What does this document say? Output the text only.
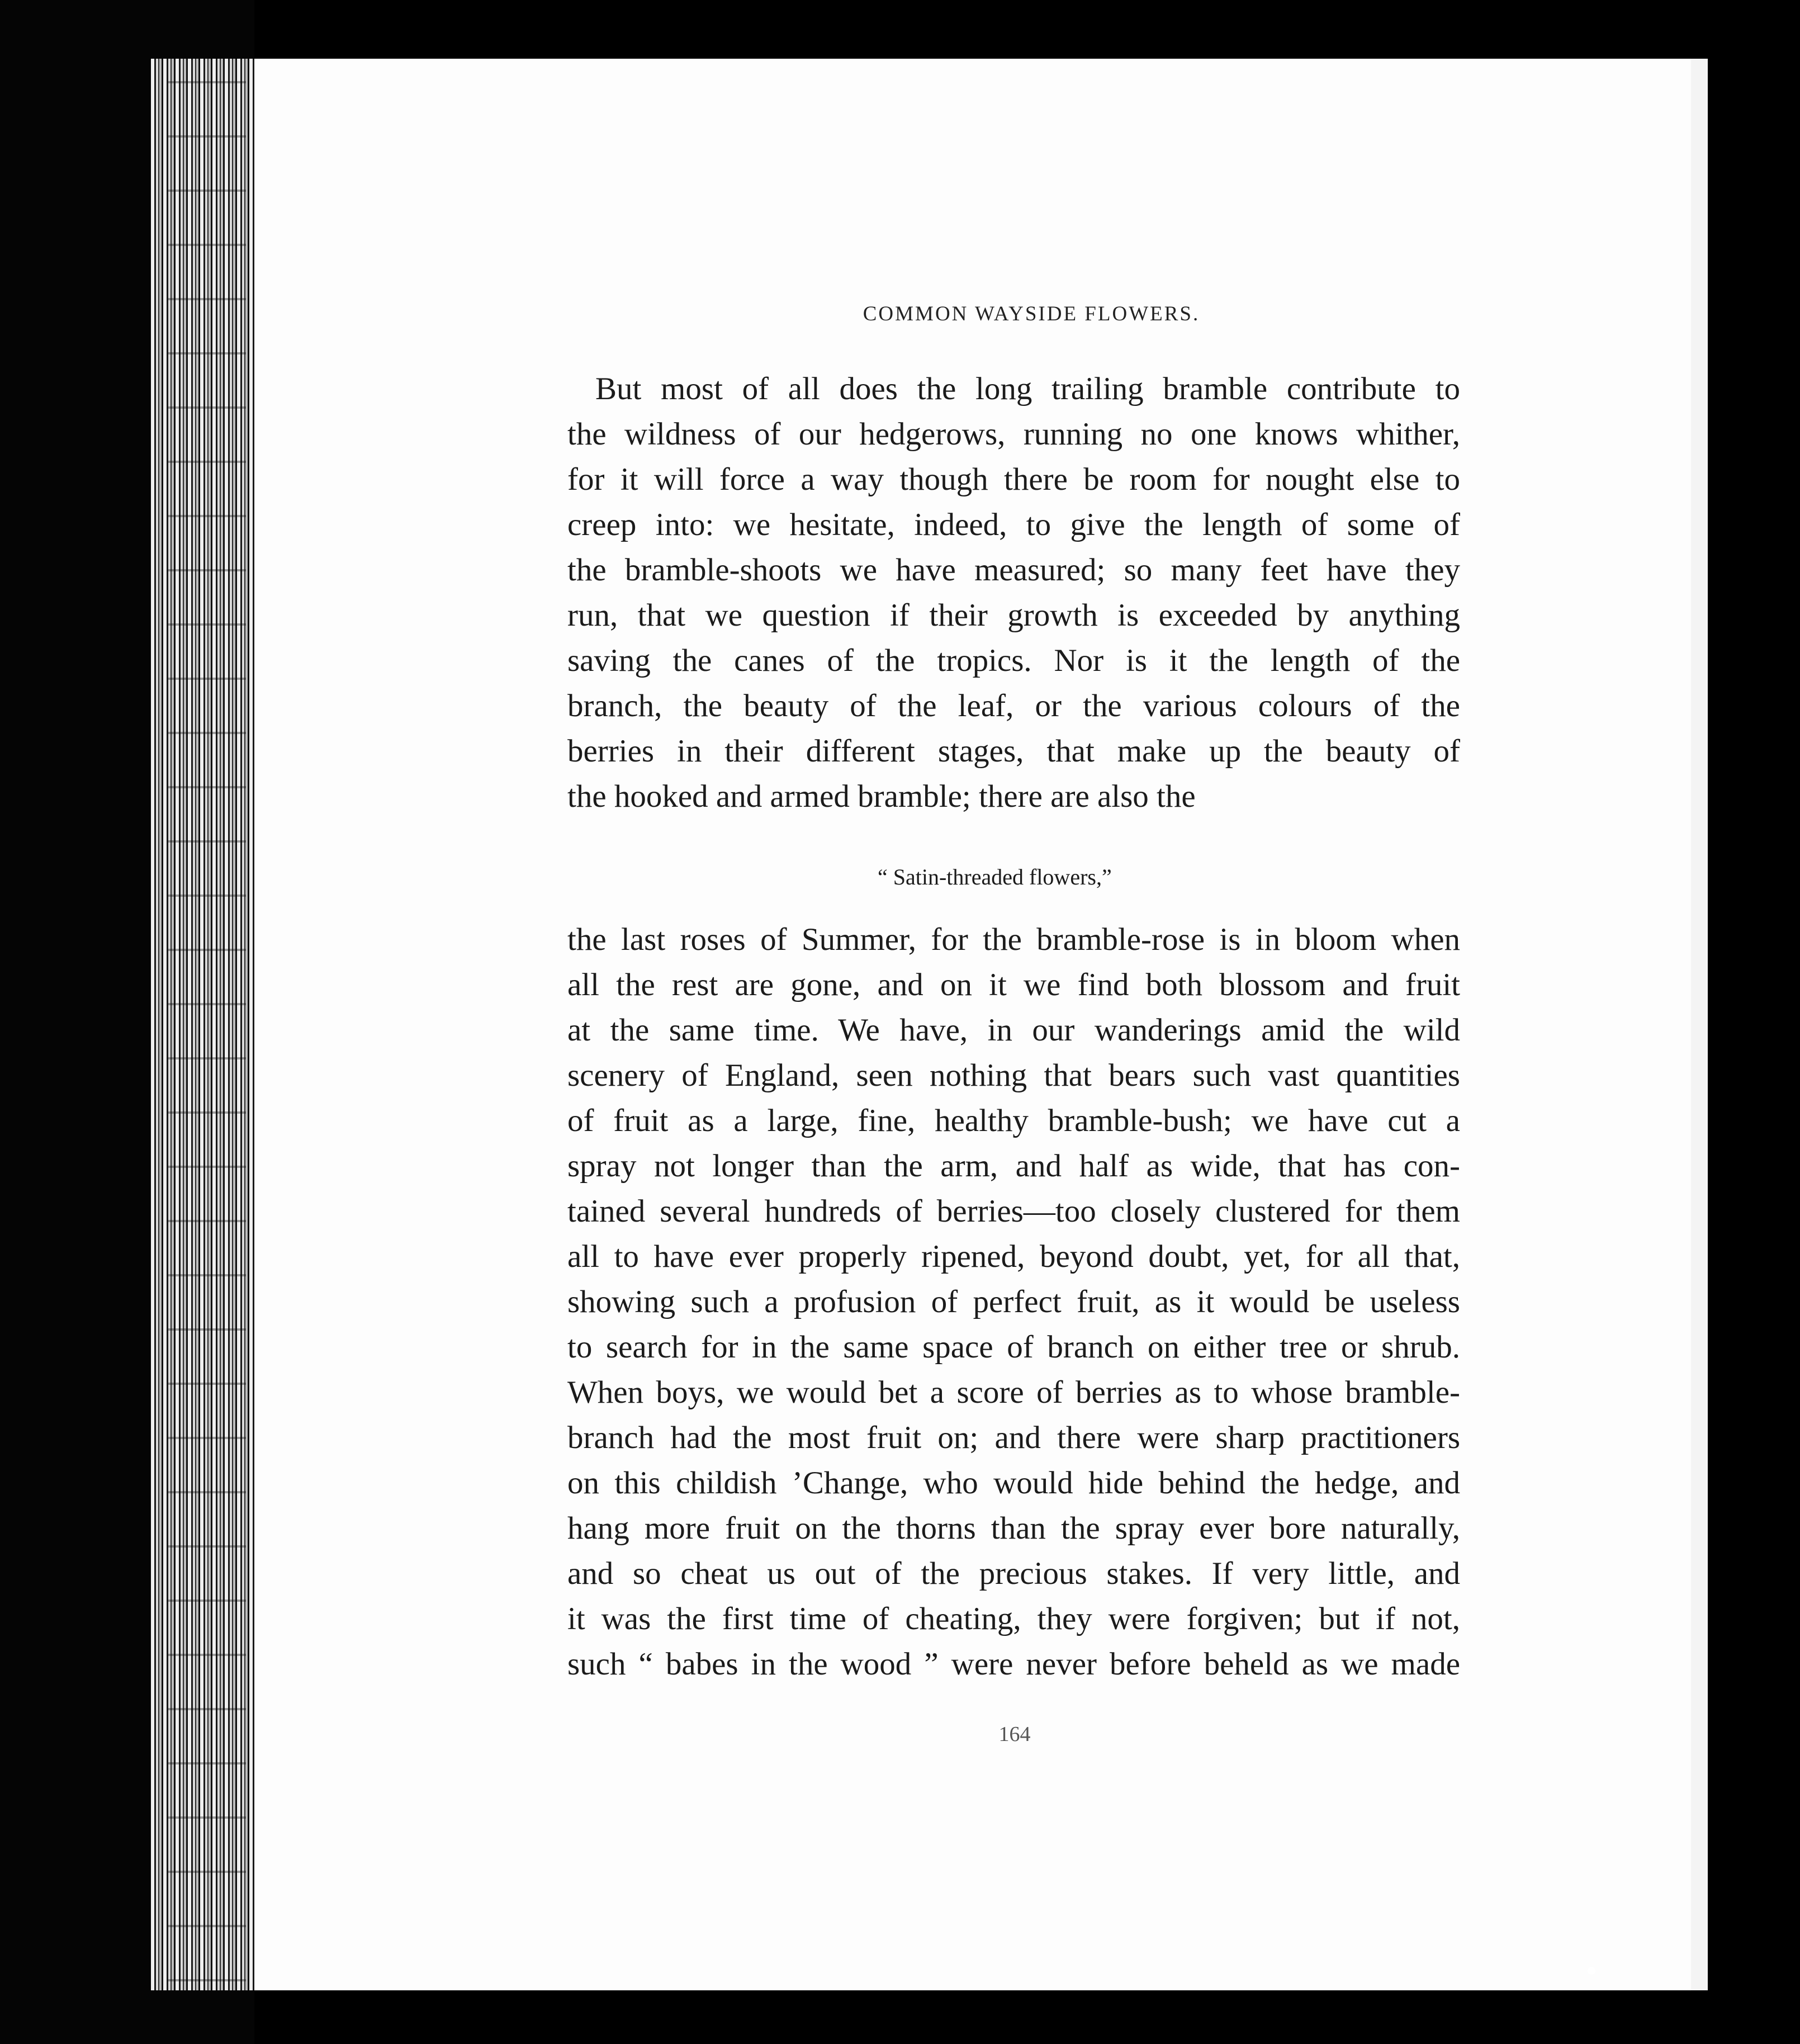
COMMON WAYSIDE FLOWERS.
But most of all does the long trailing bramble contribute to
the wildness of our hedgerows, running no one knows whither,
for it will force a way though there be room for nought else to
creep into: we hesitate, indeed, to give the length of some of
the bramble-shoots we have measured; so many feet have they
run, that we question if their growth is exceeded by anything
saving the canes of the tropics. Nor is it the length of the
branch, the beauty of the leaf, or the various colours of the
berries in their different stages, that make up the beauty of
the hooked and armed bramble; there are also the
“ Satin-threaded flowers,”
the last roses of Summer, for the bramble-rose is in bloom when
all the rest are gone, and on it we find both blossom and fruit
at the same time. We have, in our wanderings amid the wild
scenery of England, seen nothing that bears such vast quantities
of fruit as a large, fine, healthy bramble-bush; we have cut a
spray not longer than the arm, and half as wide, that has con-
tained several hundreds of berries—too closely clustered for them
all to have ever properly ripened, beyond doubt, yet, for all that,
showing such a profusion of perfect fruit, as it would be useless
to search for in the same space of branch on either tree or shrub.
When boys, we would bet a score of berries as to whose bramble-
branch had the most fruit on; and there were sharp practitioners
on this childish ’Change, who would hide behind the hedge, and
hang more fruit on the thorns than the spray ever bore naturally,
and so cheat us out of the precious stakes. If very little, and
it was the first time of cheating, they were forgiven; but if not,
such “ babes in the wood ” were never before beheld as we made
164
